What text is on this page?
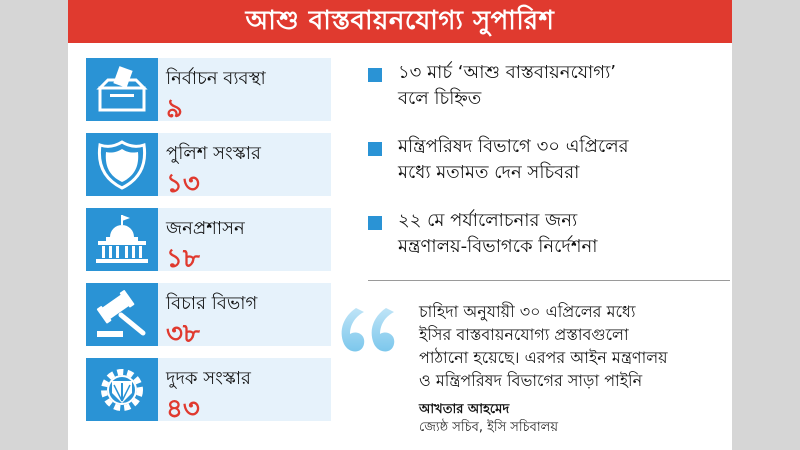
আশু বাস্তবায়নযোগ্য সুপারিশ
নির্বাচন ব্যবস্থা
৯
পুলিশ সংস্কার
১৩
জনপ্রশাসন
১৮
বিচার বিভাগ
৩৮
দুদক সংস্কার
৪৩
১৩ মার্চ ‘আশু বাস্তবায়নযোগ্য’
বলে চিহ্নিত
মন্ত্রিপরিষদ বিভাগে ৩০ এপ্রিলের
মধ্যে মতামত দেন সচিবরা
২২ মে পর্যালোচনার জন্য
মন্ত্রণালয়-বিভাগকে নির্দেশনা
চাহিদা অনুযায়ী ৩০ এপ্রিলের মধ্যে
ইসির বাস্তবায়নযোগ্য প্রস্তাবগুলো
পাঠানো হয়েছে। এরপর আইন মন্ত্রণালয়
ও মন্ত্রিপরিষদ বিভাগের সাড়া পাইনি
আখতার আহমেদ
জ্যেষ্ঠ সচিব, ইসি সচিবালয়
